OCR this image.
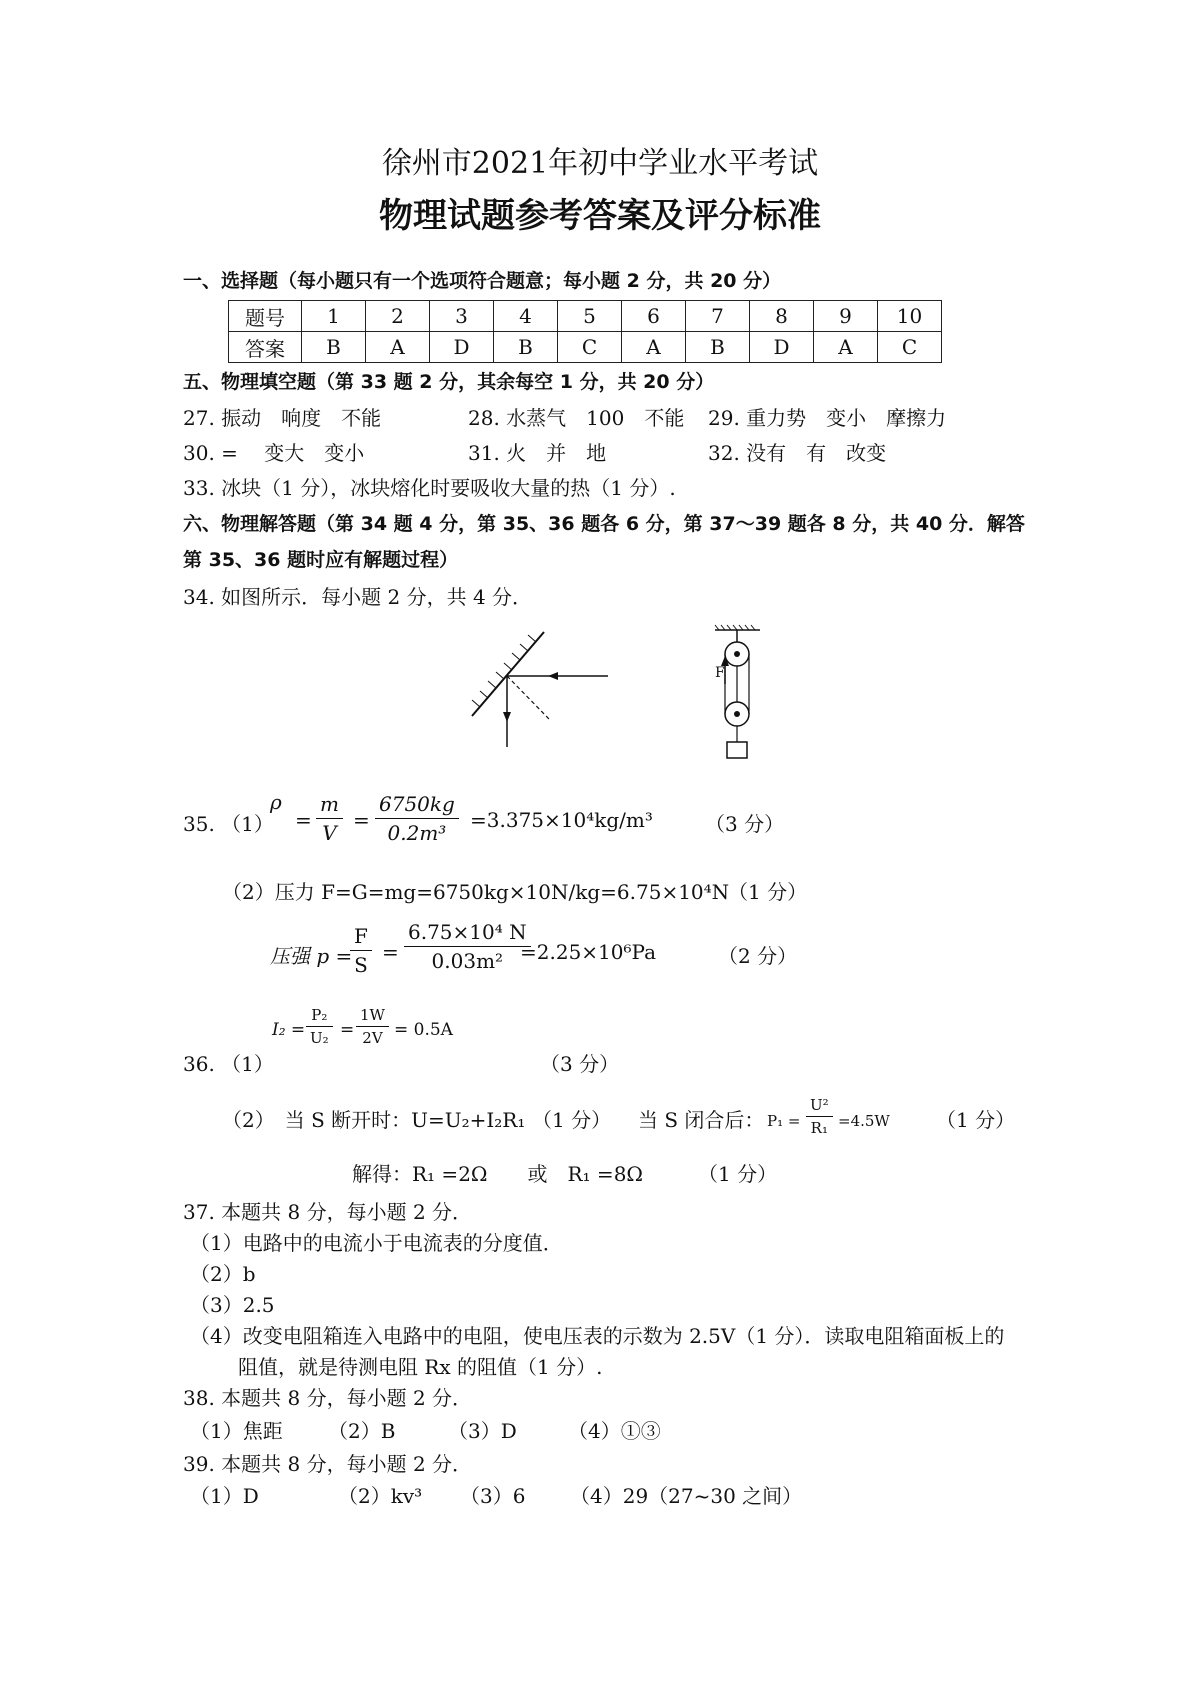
徐州市2021年初中学业水平考试
物理试题参考答案及评分标准
一、选择题（每小题只有一个选项符合题意；每小题 2 分，共 20 分）
题号	1	2	3	4	5	6	7	8	9	10
答案	B	A	D	B	C	A	B	D	A	C
五、物理填空题（第 33 题 2 分，其余每空 1 分，共 20 分）
27. 振动　响度　不能	28. 水蒸气　100　不能 29. 重力势　变小　摩擦力
30. =　 变大　变小	31. 火　并　地	32. 没有　有　改变
33. 冰块（1 分），冰块熔化时要吸收大量的热（1 分）.
六、物理解答题（第 34 题 4 分，第 35、36 题各 6 分，第 37～39 题各 8 分，共 40 分．解答
第 35、36 题时应有解题过程）
34. 如图所示．每小题 2 分，共 4 分．
F
35. （1）
ρ
= $\frac{m}{V} = \frac{6750kg}{\text{0.2m³}} =3.375\times 10^4kg/m^3$	（3 分）
（2）压力 F=G=mg=6750kg×10N/kg=6.75×10⁴N
（1 分）
压强 p =
$\frac{F}{S} = \frac{\text{6.75×10⁴ N}}{\text{0.03m²}}$
=2.25×10⁶Pa	（2 分）
$I_2 = \frac{\text{P₂}}{\text{U₂}} = \frac{1W}{2V} = 0.5A$
36. （1）	（3 分）
（2）　当 S 断开时：U=U₂+I₂R₁ （1 分） 当 S 闭合后： $P_1 = \frac{\text{U²}}{\text{R₁}} =4.5W$ （1 分）
解得：R₁ =2Ω　　或　R₁ =8Ω	（1 分）
37. 本题共 8 分，每小题 2 分．
（1）电路中的电流小于电流表的分度值．
（2）b
（3）2.5
（4）改变电阻箱连入电路中的电阻，使电压表的示数为 2.5V（1 分）．读取电阻箱面板上的
阻值，就是待测电阻 Rx 的阻值（1 分）.
38. 本题共 8 分，每小题 2 分．
（1）焦距 （2）B	（3）D	（4）①③
39. 本题共 8 分，每小题 2 分．
（1）D	（2）kv³ （3）6 （4）29（27~30 之间）
